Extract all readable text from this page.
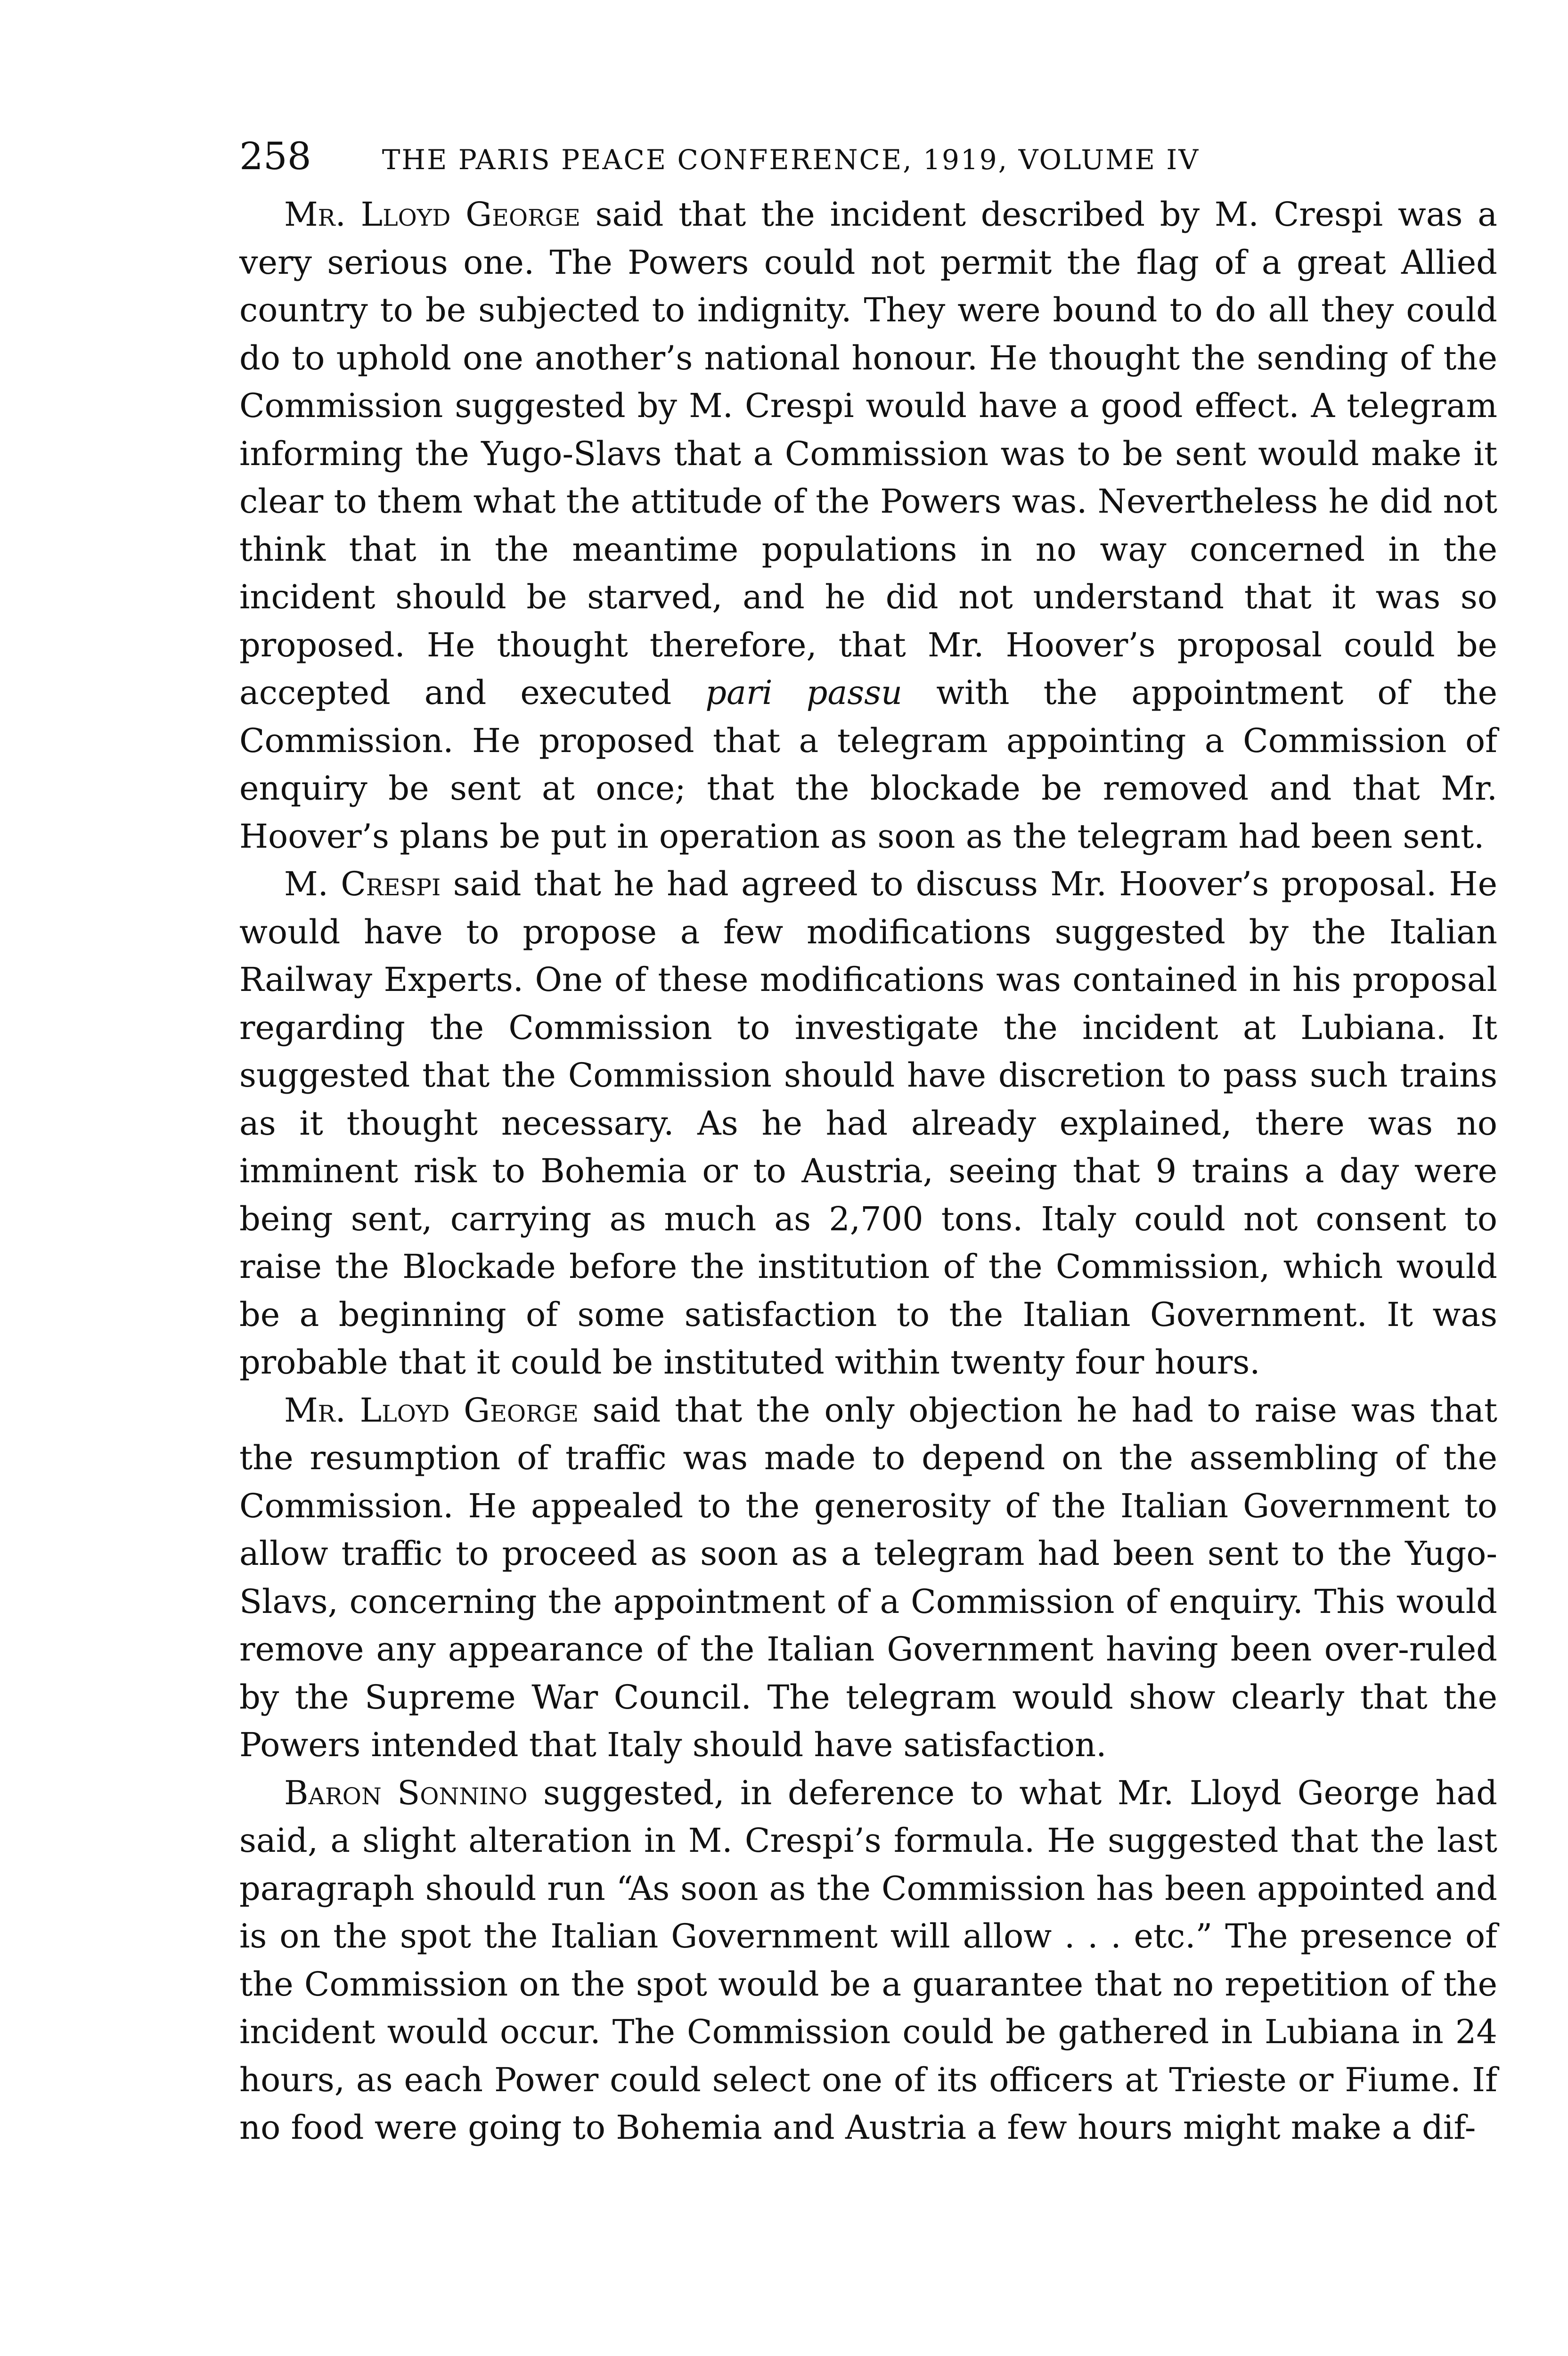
258	THE PARIS PEACE CONFERENCE, 1919, VOLUME IV

Mr. Lloyd George said that the incident described by M. Crespi was a very serious one. The Powers could not permit the flag of a great Allied country to be subjected to indignity. They were bound to do all they could do to uphold one another’s national honour. He thought the sending of the Commission suggested by M. Crespi would have a good effect. A telegram informing the Yugo-Slavs that a Commission was to be sent would make it clear to them what the attitude of the Powers was. Nevertheless he did not think that in the meantime populations in no way concerned in the incident should be starved, and he did not understand that it was so proposed. He thought therefore, that Mr. Hoover’s proposal could be accepted and executed pari passu with the appointment of the Commission. He proposed that a telegram appointing a Commission of enquiry be sent at once; that the blockade be removed and that Mr. Hoover’s plans be put in operation as soon as the telegram had been sent.

M. Crespi said that he had agreed to discuss Mr. Hoover’s proposal. He would have to propose a few modifications suggested by the Italian Railway Experts. One of these modifications was contained in his proposal regarding the Commission to investigate the incident at Lubiana. It suggested that the Commission should have discretion to pass such trains as it thought necessary. As he had already explained, there was no imminent risk to Bohemia or to Austria, seeing that 9 trains a day were being sent, carrying as much as 2,700 tons. Italy could not consent to raise the Blockade before the institution of the Commission, which would be a beginning of some satisfaction to the Italian Government. It was probable that it could be instituted within twenty four hours.

Mr. Lloyd George said that the only objection he had to raise was that the resumption of traffic was made to depend on the assembling of the Commission. He appealed to the generosity of the Italian Government to allow traffic to proceed as soon as a telegram had been sent to the Yugo-Slavs, concerning the appointment of a Commission of enquiry. This would remove any appearance of the Italian Government having been over-ruled by the Supreme War Council. The telegram would show clearly that the Powers intended that Italy should have satisfaction.

Baron Sonnino suggested, in deference to what Mr. Lloyd George had said, a slight alteration in M. Crespi’s formula. He suggested that the last paragraph should run “As soon as the Commission has been appointed and is on the spot the Italian Government will allow . . . etc.” The presence of the Commission on the spot would be a guarantee that no repetition of the incident would occur. The Commission could be gathered in Lubiana in 24 hours, as each Power could select one of its officers at Trieste or Fiume. If no food were going to Bohemia and Austria a few hours might make a dif-
